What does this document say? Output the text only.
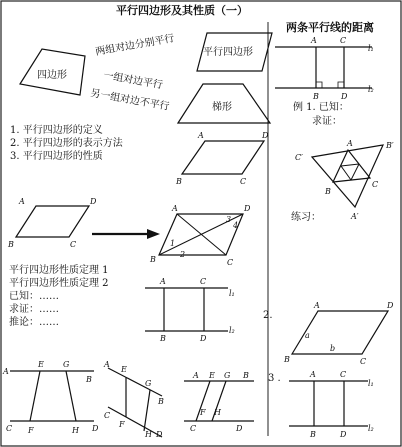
平行四边形及其性质（一）
两条平行线的距离
四边形
两组对边分别平行
一组对边平行
另一组对边不平行
平行四边形
梯形
A	C
B	D
l₁
l₂
例 1. 已知：
求证：
1. 平行四边形的定义
2. 平行四边形的表示方法
3. 平行四边形的性质
A	D
B	C
C′
A	B′
B
C
A′
A	D
B	C
A	D
B	C
1
2
3
4
练习：
平行四边形性质定理 1
平行四边形性质定理 2
已知：……
求证：……
推论：……
A	C
B	D
l₁
l₂
2.
A	D
B	C
a
b
A
B
E G
C F	H D
A
E
G
B
C
F
H D
A E G B
C
F H
D
3 .	A	C
B	D
l₁
l₂
